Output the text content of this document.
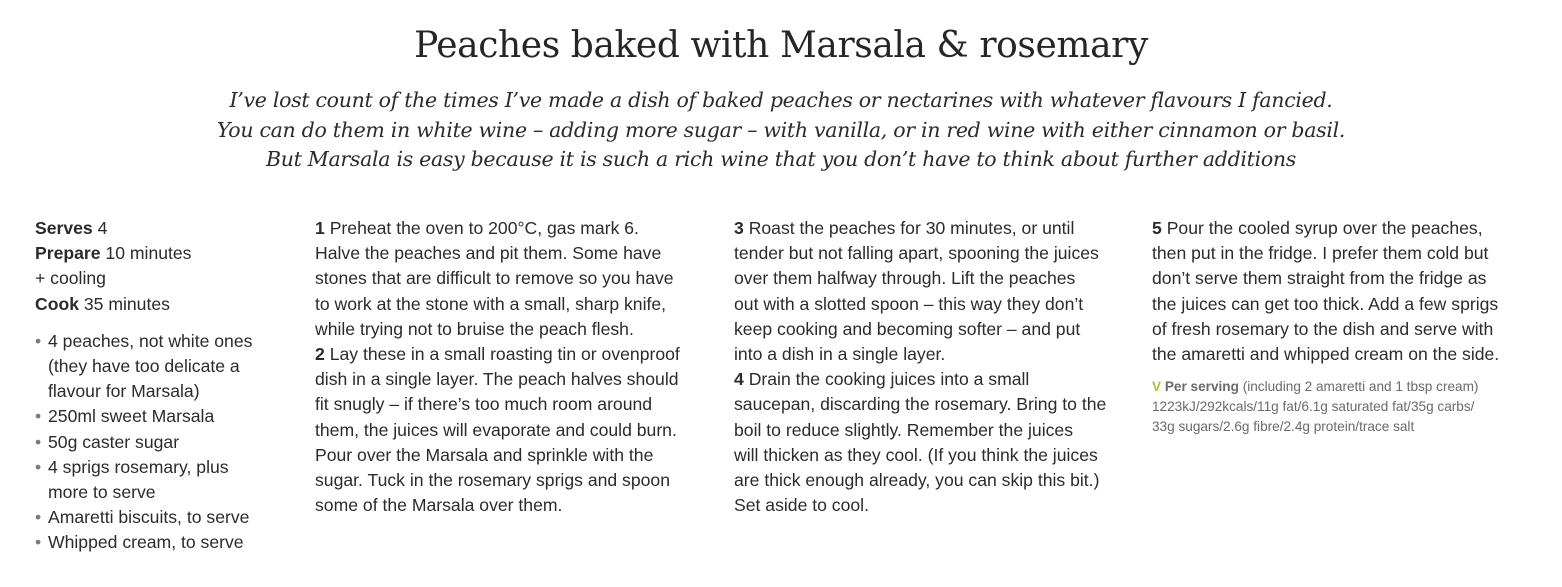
Peaches baked with Marsala & rosemary
I’ve lost count of the times I’ve made a dish of baked peaches or nectarines with whatever flavours I fancied.
You can do them in white wine – adding more sugar – with vanilla, or in red wine with either cinnamon or basil.
But Marsala is easy because it is such a rich wine that you don’t have to think about further additions
Serves 4
Prepare 10 minutes
+ cooling
Cook 35 minutes
• 4 peaches, not white ones
(they have too delicate a
flavour for Marsala)
• 250ml sweet Marsala
• 50g caster sugar
• 4 sprigs rosemary, plus
more to serve
• Amaretti biscuits, to serve
• Whipped cream, to serve
1 Preheat the oven to 200°C, gas mark 6.
Halve the peaches and pit them. Some have
stones that are difficult to remove so you have
to work at the stone with a small, sharp knife,
while trying not to bruise the peach flesh.
2 Lay these in a small roasting tin or ovenproof
dish in a single layer. The peach halves should
fit snugly – if there’s too much room around
them, the juices will evaporate and could burn.
Pour over the Marsala and sprinkle with the
sugar. Tuck in the rosemary sprigs and spoon
some of the Marsala over them.
3 Roast the peaches for 30 minutes, or until
tender but not falling apart, spooning the juices
over them halfway through. Lift the peaches
out with a slotted spoon – this way they don’t
keep cooking and becoming softer – and put
into a dish in a single layer.
4 Drain the cooking juices into a small
saucepan, discarding the rosemary. Bring to the
boil to reduce slightly. Remember the juices
will thicken as they cool. (If you think the juices
are thick enough already, you can skip this bit.)
Set aside to cool.
5 Pour the cooled syrup over the peaches,
then put in the fridge. I prefer them cold but
don’t serve them straight from the fridge as
the juices can get too thick. Add a few sprigs
of fresh rosemary to the dish and serve with
the amaretti and whipped cream on the side.
V Per serving (including 2 amaretti and 1 tbsp cream)
1223kJ/292kcals/11g fat/6.1g saturated fat/35g carbs/
33g sugars/2.6g fibre/2.4g protein/trace salt
